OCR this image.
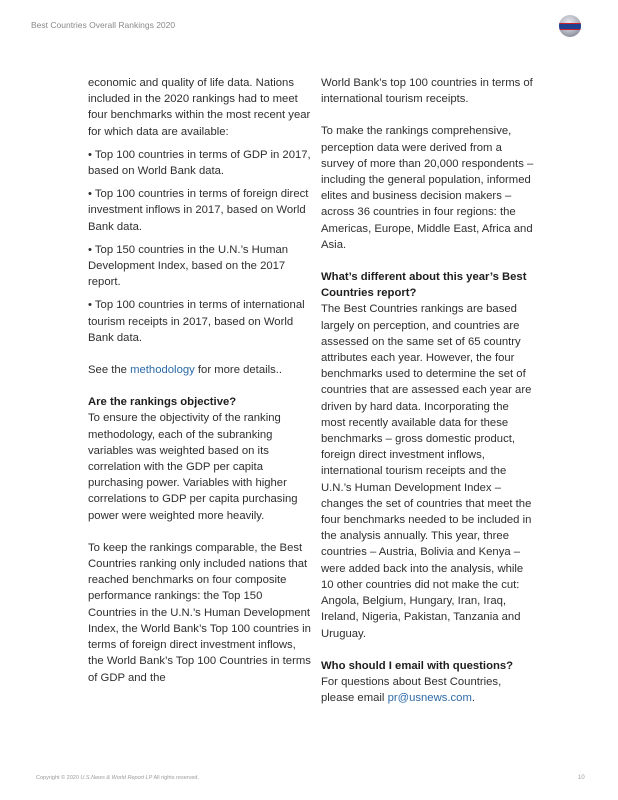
Best Countries Overall Rankings 2020

economic and quality of life data. Nations included in the 2020 rankings had to meet four benchmarks within the most recent year for which data are available:

• Top 100 countries in terms of GDP in 2017, based on World Bank data.

• Top 100 countries in terms of foreign direct investment inflows in 2017, based on World Bank data.

• Top 150 countries in the U.N.’s Human Development Index, based on the 2017 report.

• Top 100 countries in terms of international tourism receipts in 2017, based on World Bank data.

See the methodology for more details..

Are the rankings objective?

To ensure the objectivity of the ranking methodology, each of the subranking variables was weighted based on its correlation with the GDP per capita purchasing power. Variables with higher correlations to GDP per capita purchasing power were weighted more heavily.

To keep the rankings comparable, the Best Countries ranking only included nations that reached benchmarks on four composite performance rankings: the Top 150 Countries in the U.N.’s Human Development Index, the World Bank’s Top 100 countries in terms of foreign direct investment inflows, the World Bank’s Top 100 Countries in terms of GDP and the

World Bank’s top 100 countries in terms of international tourism receipts.

To make the rankings comprehensive, perception data were derived from a survey of more than 20,000 respondents – including the general population, informed elites and business decision makers – across 36 countries in four regions: the Americas, Europe, Middle East, Africa and Asia.

What’s different about this year’s Best Countries report?

The Best Countries rankings are based largely on perception, and countries are assessed on the same set of 65 country attributes each year. However, the four benchmarks used to determine the set of countries that are assessed each year are driven by hard data. Incorporating the most recently available data for these benchmarks – gross domestic product, foreign direct investment inflows, international tourism receipts and the U.N.’s Human Development Index – changes the set of countries that meet the four benchmarks needed to be included in the analysis annually. This year, three countries – Austria, Bolivia and Kenya – were added back into the analysis, while 10 other countries did not make the cut: Angola, Belgium, Hungary, Iran, Iraq, Ireland, Nigeria, Pakistan, Tanzania and Uruguay.

Who should I email with questions?

For questions about Best Countries, please email pr@usnews.com.

Copyright © 2020 U.S.News & World Report LP All rights reserved.	10
